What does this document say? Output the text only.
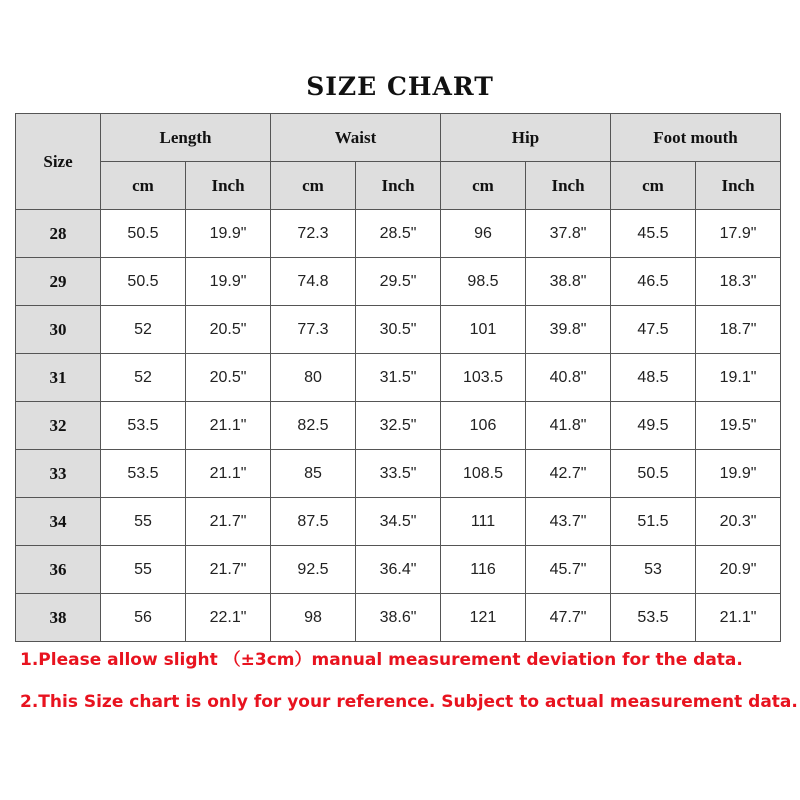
SIZE CHART
Size	Length		Waist		Hip		Foot mouth	
	cm	Inch	cm	Inch	cm	Inch	cm	Inch
28	50.5	19.9"	72.3	28.5"	96	37.8"	45.5	17.9"
29	50.5	19.9"	74.8	29.5"	98.5	38.8"	46.5	18.3"
30	52	20.5"	77.3	30.5"	101	39.8"	47.5	18.7"
31	52	20.5"	80	31.5"	103.5	40.8"	48.5	19.1"
32	53.5	21.1"	82.5	32.5"	106	41.8"	49.5	19.5"
33	53.5	21.1"	85	33.5"	108.5	42.7"	50.5	19.9"
34	55	21.7"	87.5	34.5"	111	43.7"	51.5	20.3"
36	55	21.7"	92.5	36.4"	116	45.7"	53	20.9"
38	56	22.1"	98	38.6"	121	47.7"	53.5	21.1"
1.Please allow slight （±3cm）manual measurement deviation for the data.
2.This Size chart is only for your reference. Subject to actual measurement data.
